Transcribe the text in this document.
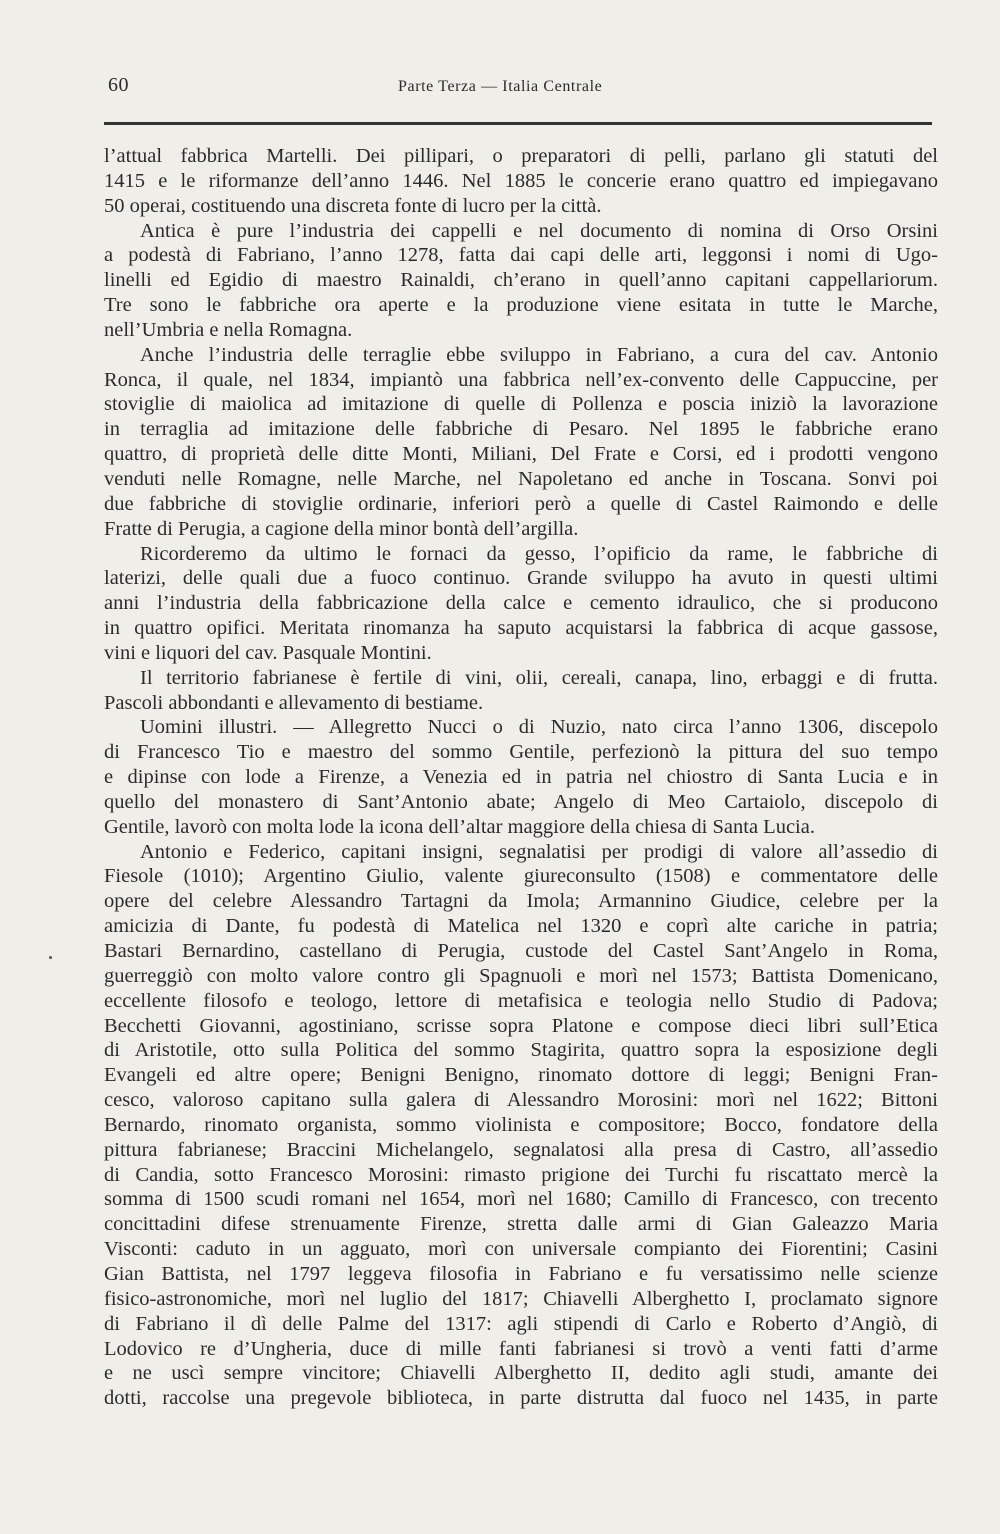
60	Parte Terza — Italia Centrale
l’attual fabbrica Martelli. Dei pillipari, o preparatori di pelli, parlano gli statuti del
1415 e le riformanze dell’anno 1446. Nel 1885 le concerie erano quattro ed impiegavano
50 operai, costituendo una discreta fonte di lucro per la città.
Antica è pure l’industria dei cappelli e nel documento di nomina di Orso Orsini
a podestà di Fabriano, l’anno 1278, fatta dai capi delle arti, leggonsi i nomi di Ugo-
linelli ed Egidio di maestro Rainaldi, ch’erano in quell’anno capitani cappellariorum.
Tre sono le fabbriche ora aperte e la produzione viene esitata in tutte le Marche,
nell’Umbria e nella Romagna.
Anche l’industria delle terraglie ebbe sviluppo in Fabriano, a cura del cav. Antonio
Ronca, il quale, nel 1834, impiantò una fabbrica nell’ex-convento delle Cappuccine, per
stoviglie di maiolica ad imitazione di quelle di Pollenza e poscia iniziò la lavorazione
in terraglia ad imitazione delle fabbriche di Pesaro. Nel 1895 le fabbriche erano
quattro, di proprietà delle ditte Monti, Miliani, Del Frate e Corsi, ed i prodotti vengono
venduti nelle Romagne, nelle Marche, nel Napoletano ed anche in Toscana. Sonvi poi
due fabbriche di stoviglie ordinarie, inferiori però a quelle di Castel Raimondo e delle
Fratte di Perugia, a cagione della minor bontà dell’argilla.
Ricorderemo da ultimo le fornaci da gesso, l’opificio da rame, le fabbriche di
laterizi, delle quali due a fuoco continuo. Grande sviluppo ha avuto in questi ultimi
anni l’industria della fabbricazione della calce e cemento idraulico, che si producono
in quattro opifici. Meritata rinomanza ha saputo acquistarsi la fabbrica di acque gassose,
vini e liquori del cav. Pasquale Montini.
Il territorio fabrianese è fertile di vini, olii, cereali, canapa, lino, erbaggi e di frutta.
Pascoli abbondanti e allevamento di bestiame.
Uomini illustri. — Allegretto Nucci o di Nuzio, nato circa l’anno 1306, discepolo
di Francesco Tio e maestro del sommo Gentile, perfezionò la pittura del suo tempo
e dipinse con lode a Firenze, a Venezia ed in patria nel chiostro di Santa Lucia e in
quello del monastero di Sant’Antonio abate; Angelo di Meo Cartaiolo, discepolo di
Gentile, lavorò con molta lode la icona dell’altar maggiore della chiesa di Santa Lucia.
Antonio e Federico, capitani insigni, segnalatisi per prodigi di valore all’assedio di
Fiesole (1010); Argentino Giulio, valente giureconsulto (1508) e commentatore delle
opere del celebre Alessandro Tartagni da Imola; Armannino Giudice, celebre per la
amicizia di Dante, fu podestà di Matelica nel 1320 e coprì alte cariche in patria;
Bastari Bernardino, castellano di Perugia, custode del Castel Sant’Angelo in Roma,
guerreggiò con molto valore contro gli Spagnuoli e morì nel 1573; Battista Domenicano,
eccellente filosofo e teologo, lettore di metafisica e teologia nello Studio di Padova;
Becchetti Giovanni, agostiniano, scrisse sopra Platone e compose dieci libri sull’Etica
di Aristotile, otto sulla Politica del sommo Stagirita, quattro sopra la esposizione degli
Evangeli ed altre opere; Benigni Benigno, rinomato dottore di leggi; Benigni Fran-
cesco, valoroso capitano sulla galera di Alessandro Morosini: morì nel 1622; Bittoni
Bernardo, rinomato organista, sommo violinista e compositore; Bocco, fondatore della
pittura fabrianese; Braccini Michelangelo, segnalatosi alla presa di Castro, all’assedio
di Candia, sotto Francesco Morosini: rimasto prigione dei Turchi fu riscattato mercè la
somma di 1500 scudi romani nel 1654, morì nel 1680; Camillo di Francesco, con trecento
concittadini difese strenuamente Firenze, stretta dalle armi di Gian Galeazzo Maria
Visconti: caduto in un agguato, morì con universale compianto dei Fiorentini; Casini
Gian Battista, nel 1797 leggeva filosofia in Fabriano e fu versatissimo nelle scienze
fisico-astronomiche, morì nel luglio del 1817; Chiavelli Alberghetto I, proclamato signore
di Fabriano il dì delle Palme del 1317: agli stipendi di Carlo e Roberto d’Angiò, di
Lodovico re d’Ungheria, duce di mille fanti fabrianesi si trovò a venti fatti d’arme
e ne uscì sempre vincitore; Chiavelli Alberghetto II, dedito agli studi, amante dei
dotti, raccolse una pregevole biblioteca, in parte distrutta dal fuoco nel 1435, in parte
